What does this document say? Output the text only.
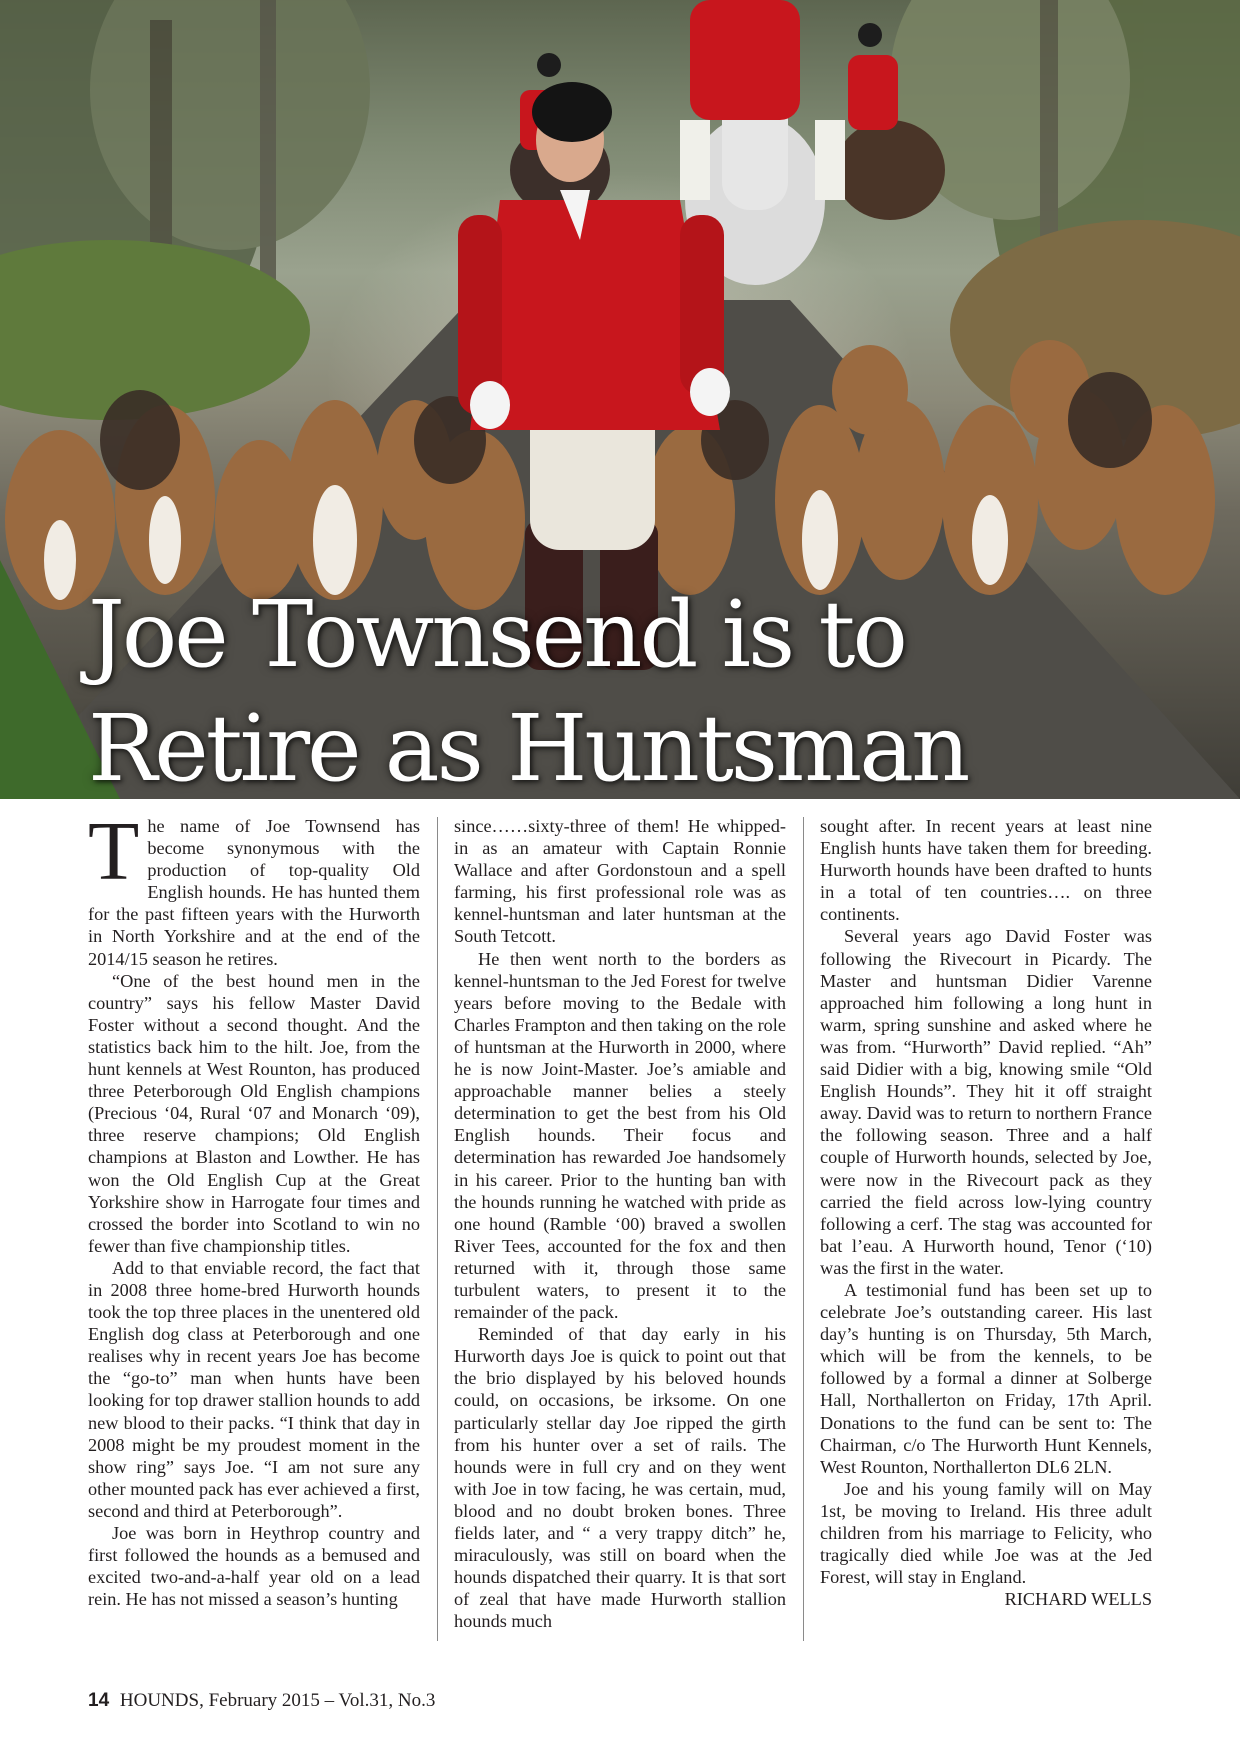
Joe Townsend is to
Retire as Huntsman

The name of Joe Townsend has become synonymous with the production of top-quality Old English hounds. He has hunted them for the past fifteen years with the Hurworth in North Yorkshire and at the end of the 2014/15 season he retires.

“One of the best hound men in the country” says his fellow Master David Foster without a second thought. And the statistics back him to the hilt. Joe, from the hunt kennels at West Rounton, has produced three Peterborough Old English champions (Precious ‘04, Rural ‘07 and Monarch ‘09), three reserve champions; Old English champions at Blaston and Lowther. He has won the Old English Cup at the Great Yorkshire show in Harrogate four times and crossed the border into Scotland to win no fewer than five championship titles.

Add to that enviable record, the fact that in 2008 three home-bred Hurworth hounds took the top three places in the unentered old English dog class at Peterborough and one realises why in recent years Joe has become the “go-to” man when hunts have been looking for top drawer stallion hounds to add new blood to their packs. “I think that day in 2008 might be my proudest moment in the show ring” says Joe. “I am not sure any other mounted pack has ever achieved a first, second and third at Peterborough”.

Joe was born in Heythrop country and first followed the hounds as a bemused and excited two-and-a-half year old on a lead rein. He has not missed a season’s hunting

since……sixty-three of them! He whipped-in as an amateur with Captain Ronnie Wallace and after Gordonstoun and a spell farming, his first professional role was as kennel-huntsman and later huntsman at the South Tetcott.

He then went north to the borders as kennel-huntsman to the Jed Forest for twelve years before moving to the Bedale with Charles Frampton and then taking on the role of huntsman at the Hurworth in 2000, where he is now Joint-Master. Joe’s amiable and approachable manner belies a steely determination to get the best from his Old English hounds. Their focus and determination has rewarded Joe handsomely in his career. Prior to the hunting ban with the hounds running he watched with pride as one hound (Ramble ‘00) braved a swollen River Tees, accounted for the fox and then returned with it, through those same turbulent waters, to present it to the remainder of the pack.

Reminded of that day early in his Hurworth days Joe is quick to point out that the brio displayed by his beloved hounds could, on occasions, be irksome. On one particularly stellar day Joe ripped the girth from his hunter over a set of rails. The hounds were in full cry and on they went with Joe in tow facing, he was certain, mud, blood and no doubt broken bones. Three fields later, and “ a very trappy ditch” he, miraculously, was still on board when the hounds dispatched their quarry. It is that sort of zeal that have made Hurworth stallion hounds much

sought after. In recent years at least nine English hunts have taken them for breeding. Hurworth hounds have been drafted to hunts in a total of ten countries…. on three continents.

Several years ago David Foster was following the Rivecourt in Picardy. The Master and huntsman Didier Varenne approached him following a long hunt in warm, spring sunshine and asked where he was from. “Hurworth” David replied. “Ah” said Didier with a big, knowing smile “Old English Hounds”. They hit it off straight away. David was to return to northern France the following season. Three and a half couple of Hurworth hounds, selected by Joe, were now in the Rivecourt pack as they carried the field across low-lying country following a cerf. The stag was accounted for bat l’eau. A Hurworth hound, Tenor (‘10) was the first in the water.

A testimonial fund has been set up to celebrate Joe’s outstanding career. His last day’s hunting is on Thursday, 5th March, which will be from the kennels, to be followed by a formal a dinner at Solberge Hall, Northallerton on Friday, 17th April. Donations to the fund can be sent to: The Chairman, c/o The Hurworth Hunt Kennels, West Rounton, Northallerton DL6 2LN.

Joe and his young family will on May 1st, be moving to Ireland. His three adult children from his marriage to Felicity, who tragically died while Joe was at the Jed Forest, will stay in England.

RICHARD WELLS

14 HOUNDS, February 2015 – Vol.31, No.3
